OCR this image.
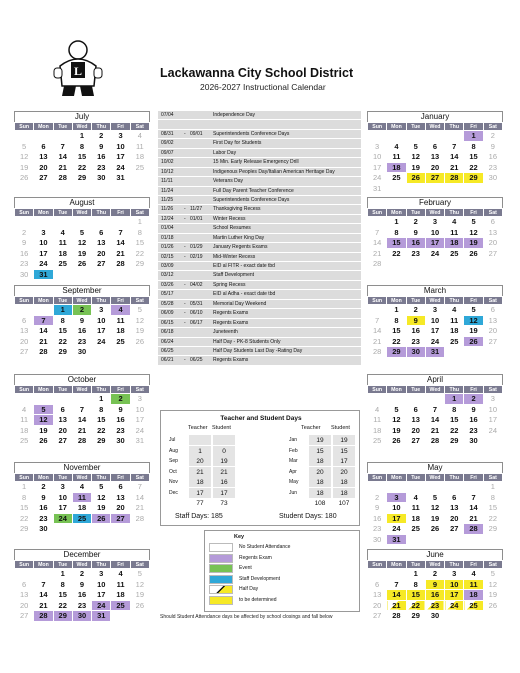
L	Lackawanna City School District
2026-2027 Instructional Calendar
July
Sun	Mon	Tue	Wed	Thu	Fri	Sat
			1	2	3	4
5	6	7	8	9	10	11
12	13	14	15	16	17	18
19	20	21	22	23	24	25
26	27	28	29	30	31	
August
Sun	Mon	Tue	Wed	Thu	Fri	Sat
						1
2	3	4	5	6	7	8
9	10	11	12	13	14	15
16	17	18	19	20	21	22
23	24	25	26	27	28	29
30	31					
September
Sun	Mon	Tue	Wed	Thu	Fri	Sat
		1	2	3	4	5
6	7	8	9	10	11	12
13	14	15	16	17	18	19
20	21	22	23	24	25	26
27	28	29	30			
October
Sun	Mon	Tue	Wed	Thu	Fri	Sat
				1	2	3
4	5	6	7	8	9	10
11	12	13	14	15	16	17
18	19	20	21	22	23	24
25	26	27	28	29	30	31
November
Sun	Mon	Tue	Wed	Thu	Fri	Sat
1	2	3	4	5	6	7
8	9	10	11	12	13	14
15	16	17	18	19	20	21
22	23	24	25	26	27	28
29	30					
December
Sun	Mon	Tue	Wed	Thu	Fri	Sat
		1	2	3	4	5
6	7	8	9	10	11	12
13	14	15	16	17	18	19
20	21	22	23	24	25	26
27	28	29	30	31		
January
Sun	Mon	Tue	Wed	Thu	Fri	Sat
					1	2
3	4	5	6	7	8	9
10	11	12	13	14	15	16
17	18	19	20	21	22	23
24	25	26	27	28	29	30
31						
February
Sun	Mon	Tue	Wed	Thu	Fri	Sat
	1	2	3	4	5	6
7	8	9	10	11	12	13
14	15	16	17	18	19	20
21	22	23	24	25	26	27
28						
March
Sun	Mon	Tue	Wed	Thu	Fri	Sat
	1	2	3	4	5	6
7	8	9	10	11	12	13
14	15	16	17	18	19	20
21	22	23	24	25	26	27
28	29	30	31			
April
Sun	Mon	Tue	Wed	Thu	Fri	Sat
				1	2	3
4	5	6	7	8	9	10
11	12	13	14	15	16	17
18	19	20	21	22	23	24
25	26	27	28	29	30	
May
Sun	Mon	Tue	Wed	Thu	Fri	Sat
						1
2	3	4	5	6	7	8
9	10	11	12	13	14	15
16	17	18	19	20	21	22
23	24	25	26	27	28	29
30	31					
June
Sun	Mon	Tue	Wed	Thu	Fri	Sat
		1	2	3	4	5
6	7	8	9	10	11	12
13	14	15	16	17	18	19
20	21	22	23	24	25	26
27	28	29	30			
07/04	Independence Day
08/31 - 09/01 Superintendents Conference Days
09/02	First Day for Students
09/07	Labor Day
10/02	15 Min. Early Release Emergency Drill
10/12	Indigenous Peoples Day/Italian American Heritage Day
11/11	Veterans Day
11/24	Full Day Parent Teacher Conference
11/25	Superintendents Conference Days
11/26 - 11/27 Thanksgiving Recess
12/24 - 01/01 Winter Recess
01/04	School Resumes
01/18	Martin Luther King Day
01/26 - 01/29 January Regents Exams
02/15 - 02/19 Mid-Winter Recess
03/09	EID al FITR - exact date tbd
03/12	Staff Development
03/26 - 04/02 Spring Recess
05/17	EID al Adha - exact date tbd
05/28 - 05/31 Memorial Day Weekend
06/09 - 06/10 Regents Exams
06/15 - 06/17 Regents Exams
06/18	Juneteenth
06/24	Half Day - PK-8 Students Only
06/25	Half Day Students Last Day -Rating Day
06/21 - 06/25 Regents Exams
Teacher and Student Days
Teacher Student	Teacher Student
Jul
Aug	1	0
Sep	20	19
Oct	21	21
Nov	18	16
Dec	17	17
77	73
Jan	19	19
Feb	15	15
Mar	18	17
Apr	20	20
May	18	18
Jun	18	18
108	107
Staff Days: 185	Student Days: 180
Key
No Student Attendance
Regents Exam
Event
Staff Development
Half Day
to be determined
Should Student Attendance days be affected by school closings and fall below
